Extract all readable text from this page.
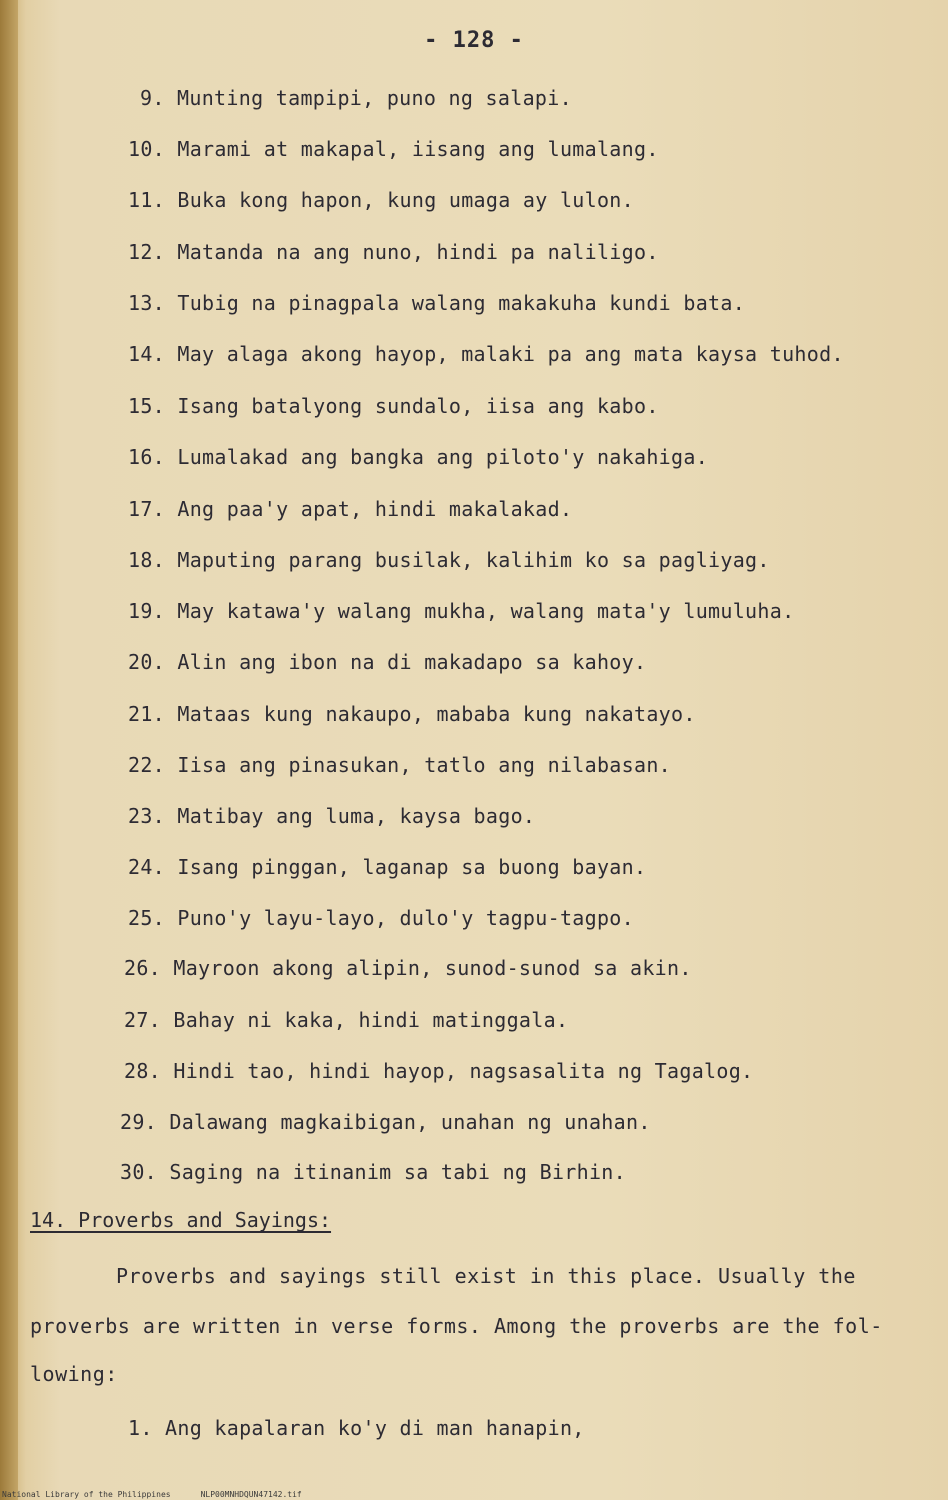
- 128 -
9. Munting tampipi, puno ng salapi.
10. Marami at makapal, iisang ang lumalang.
11. Buka kong hapon, kung umaga ay lulon.
12. Matanda na ang nuno, hindi pa naliligo.
13. Tubig na pinagpala walang makakuha kundi bata.
14. May alaga akong hayop, malaki pa ang mata kaysa tuhod.
15. Isang batalyong sundalo, iisa ang kabo.
16. Lumalakad ang bangka ang piloto'y nakahiga.
17. Ang paa'y apat, hindi makalakad.
18. Maputing parang busilak, kalihim ko sa pagliyag.
19. May katawa'y walang mukha, walang mata'y lumuluha.
20. Alin ang ibon na di makadapo sa kahoy.
21. Mataas kung nakaupo, mababa kung nakatayo.
22. Iisa ang pinasukan, tatlo ang nilabasan.
23. Matibay ang luma, kaysa bago.
24. Isang pinggan, laganap sa buong bayan.
25. Puno'y layu-layo, dulo'y tagpu-tagpo.
26. Mayroon akong alipin, sunod-sunod sa akin.
27. Bahay ni kaka, hindi matinggala.
28. Hindi tao, hindi hayop, nagsasalita ng Tagalog.
29. Dalawang magkaibigan, unahan ng unahan.
30. Saging na itinanim sa tabi ng Birhin.
14. Proverbs and Sayings:
Proverbs and sayings still exist in this place. Usually the
proverbs are written in verse forms. Among the proverbs are the fol-
lowing:
1. Ang kapalaran ko'y di man hanapin,
National Library of the Philippines	NLP00MNHDQUN47142.tif
